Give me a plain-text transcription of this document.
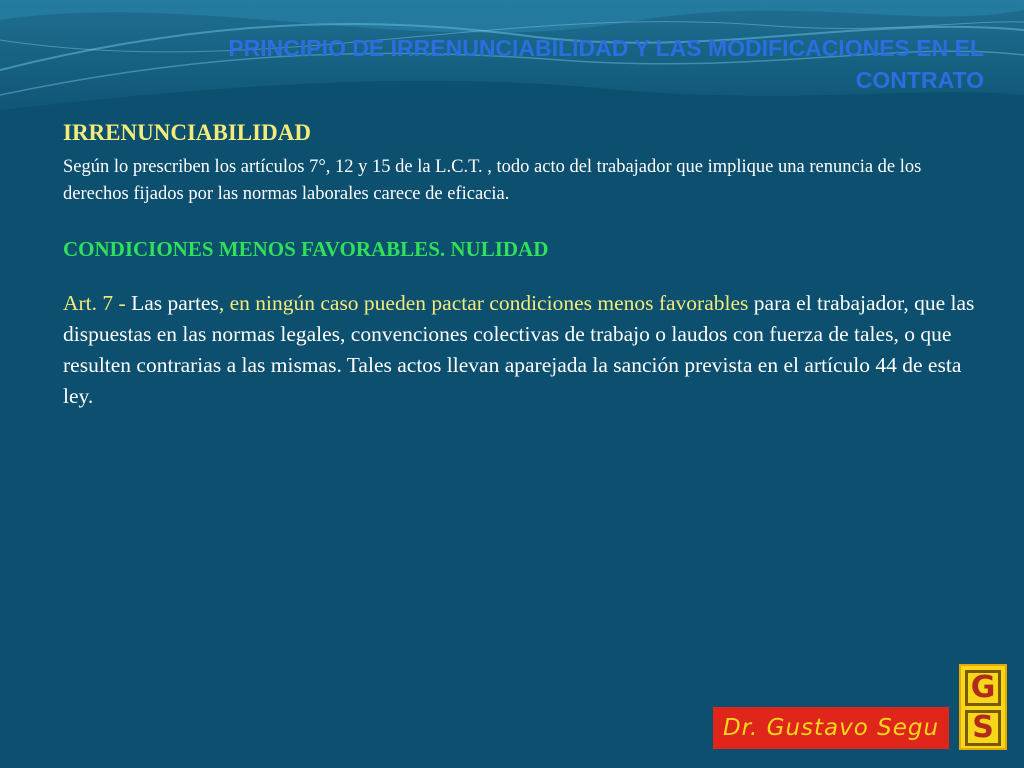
PRINCIPIO DE IRRENUNCIABILIDAD Y LAS MODIFICACIONES EN EL
CONTRATO

IRRENUNCIABILIDAD

Según lo prescriben los artículos 7°, 12 y 15 de la L.C.T. , todo acto del trabajador que implique una renuncia de los derechos fijados por las normas laborales carece de eficacia.

CONDICIONES MENOS FAVORABLES. NULIDAD

Art. 7 - Las partes, en ningún caso pueden pactar condiciones menos favorables para el trabajador, que las dispuestas en las normas legales, convenciones colectivas de trabajo o laudos con fuerza de tales, o que resulten contrarias a las mismas. Tales actos llevan aparejada la sanción prevista en el artículo 44 de esta ley.

Dr. Gustavo Segu
G
S
